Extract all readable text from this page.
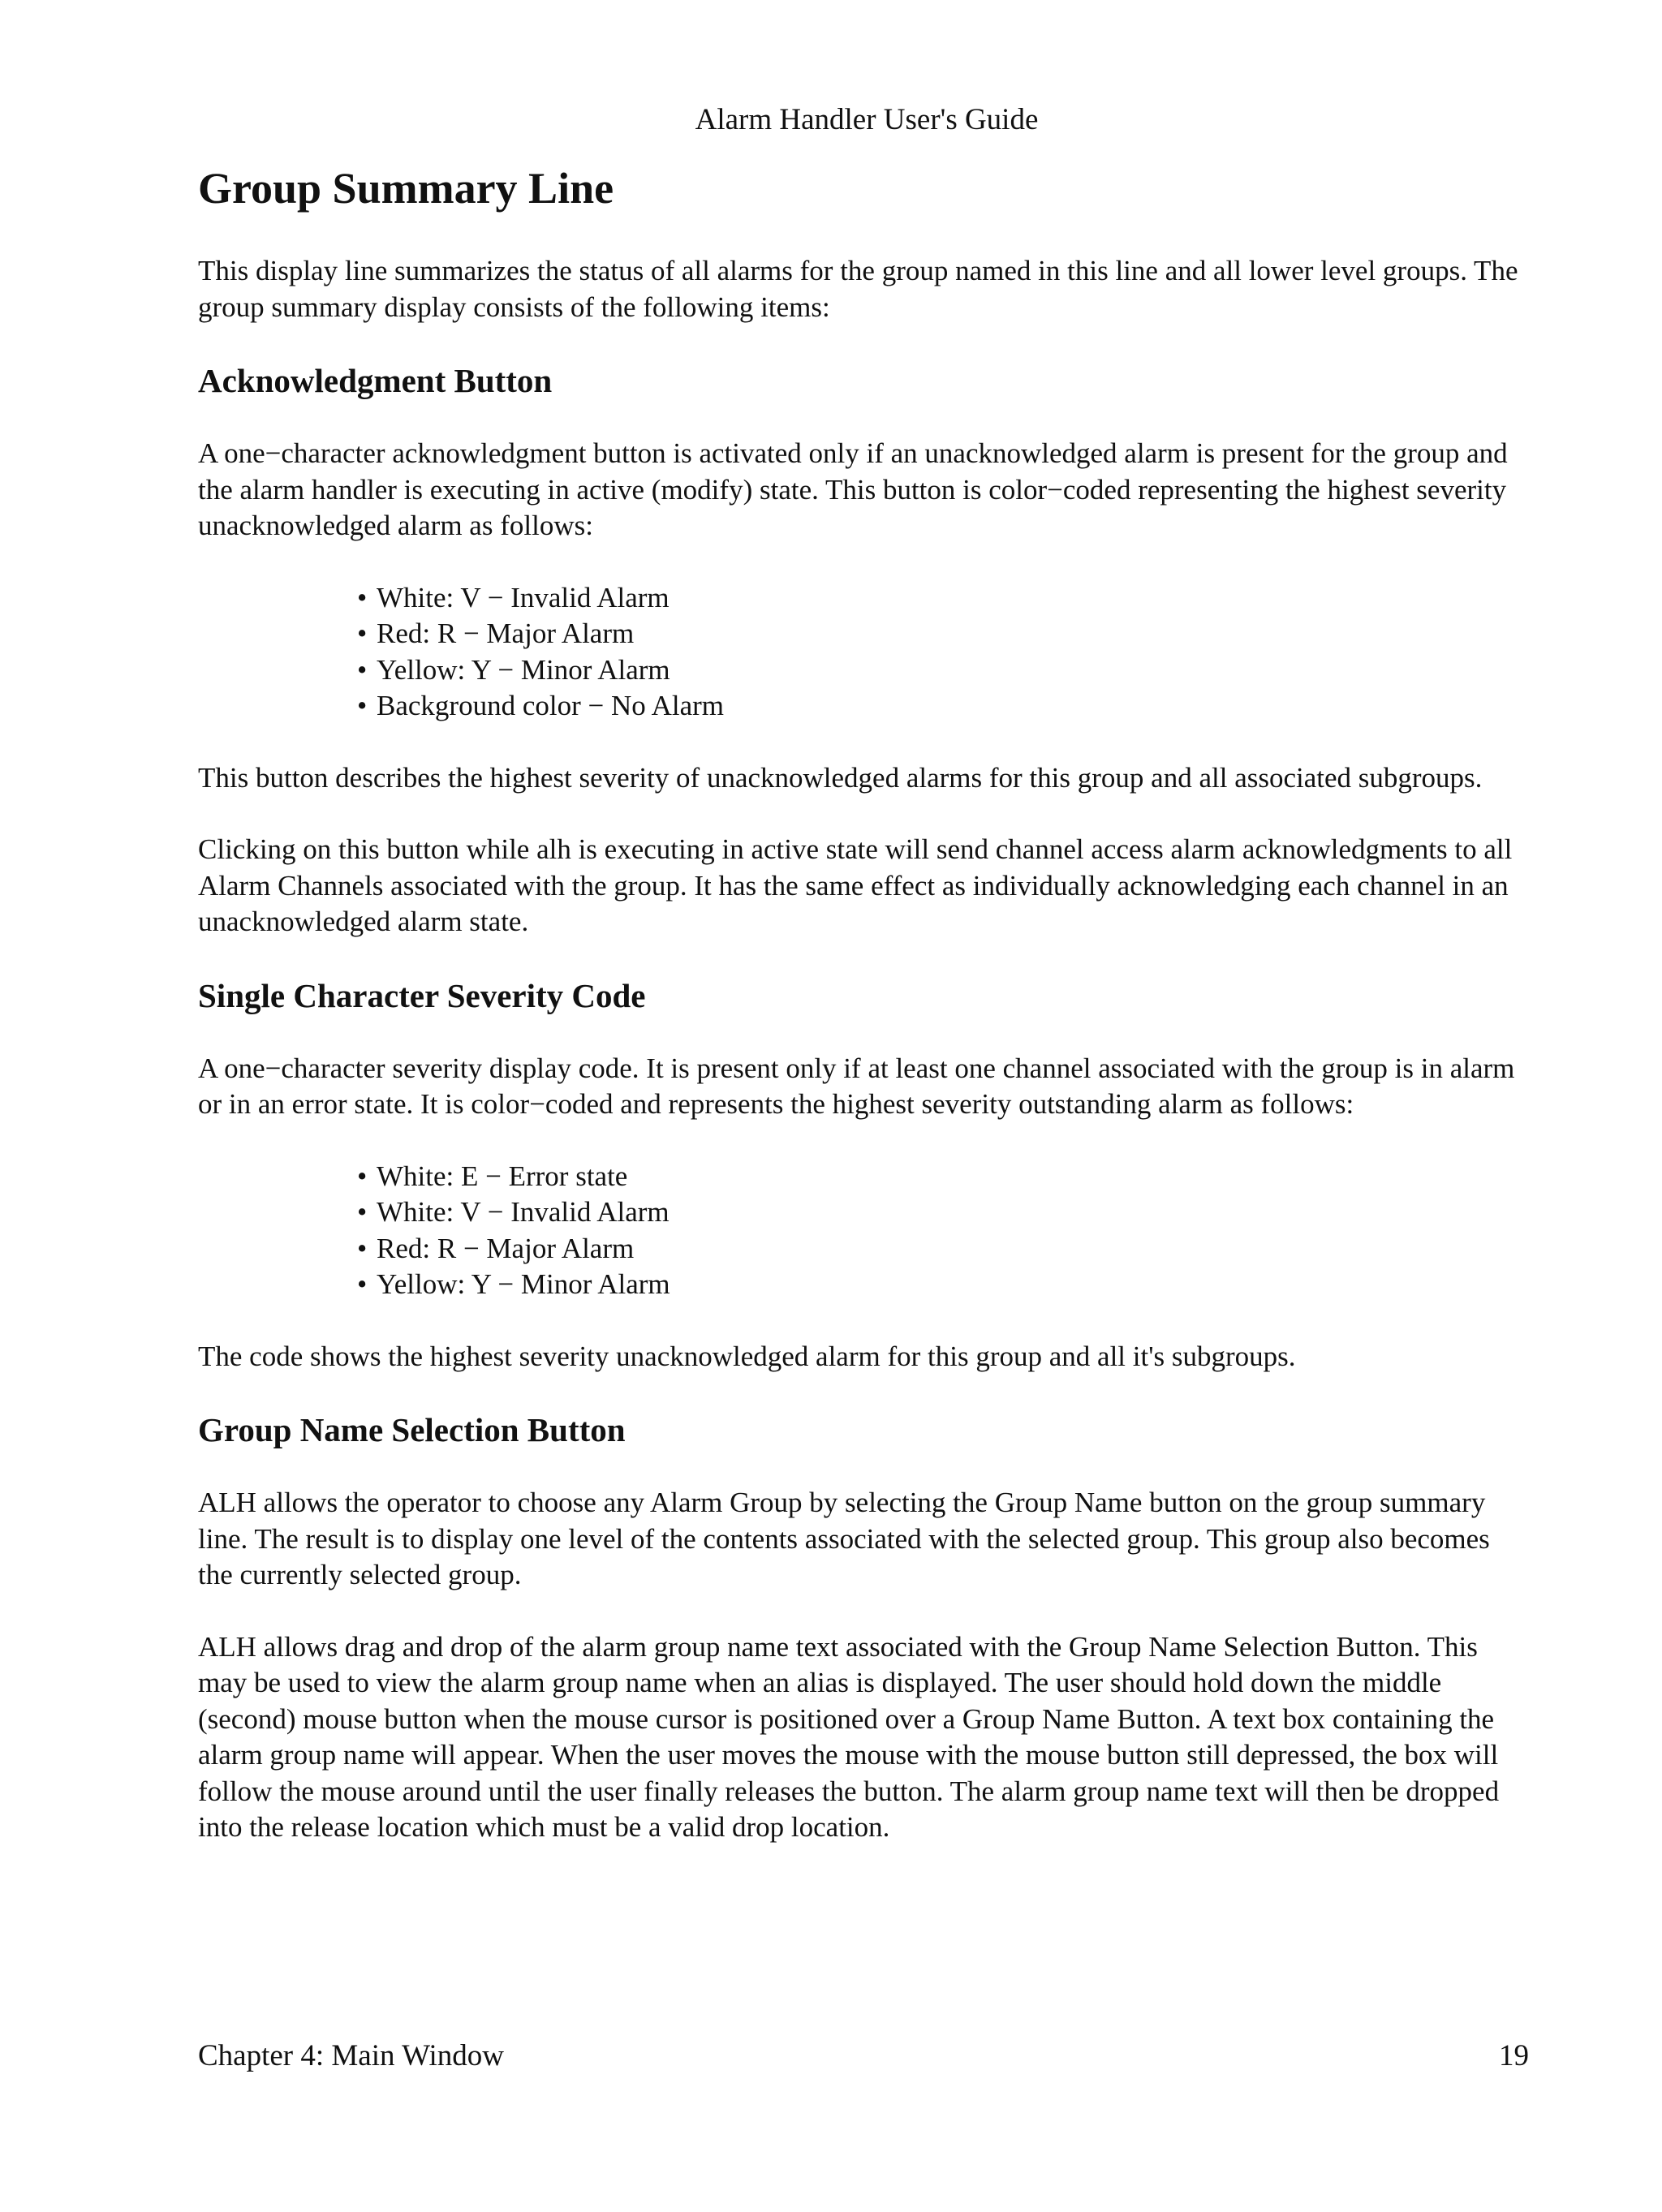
Alarm Handler User's Guide
Group Summary Line

This display line summarizes the status of all alarms for the group named in this line and all lower level groups. The group summary display consists of the following items:

Acknowledgment Button

A one−character acknowledgment button is activated only if an unacknowledged alarm is present for the group and the alarm handler is executing in active (modify) state. This button is color−coded representing the highest severity unacknowledged alarm as follows:

• White: V − Invalid Alarm
• Red: R − Major Alarm
• Yellow: Y − Minor Alarm
• Background color − No Alarm

This button describes the highest severity of unacknowledged alarms for this group and all associated subgroups.

Clicking on this button while alh is executing in active state will send channel access alarm acknowledgments to all Alarm Channels associated with the group. It has the same effect as individually acknowledging each channel in an unacknowledged alarm state.

Single Character Severity Code

A one−character severity display code. It is present only if at least one channel associated with the group is in alarm or in an error state. It is color−coded and represents the highest severity outstanding alarm as follows:

• White: E − Error state
• White: V − Invalid Alarm
• Red: R − Major Alarm
• Yellow: Y − Minor Alarm

The code shows the highest severity unacknowledged alarm for this group and all it's subgroups.

Group Name Selection Button

ALH allows the operator to choose any Alarm Group by selecting the Group Name button on the group summary line. The result is to display one level of the contents associated with the selected group. This group also becomes the currently selected group.

ALH allows drag and drop of the alarm group name text associated with the Group Name Selection Button. This may be used to view the alarm group name when an alias is displayed. The user should hold down the middle (second) mouse button when the mouse cursor is positioned over a Group Name Button. A text box containing the alarm group name will appear. When the user moves the mouse with the mouse button still depressed, the box will follow the mouse around until the user finally releases the button. The alarm group name text will then be dropped into the release location which must be a valid drop location.

Chapter 4: Main Window	19
